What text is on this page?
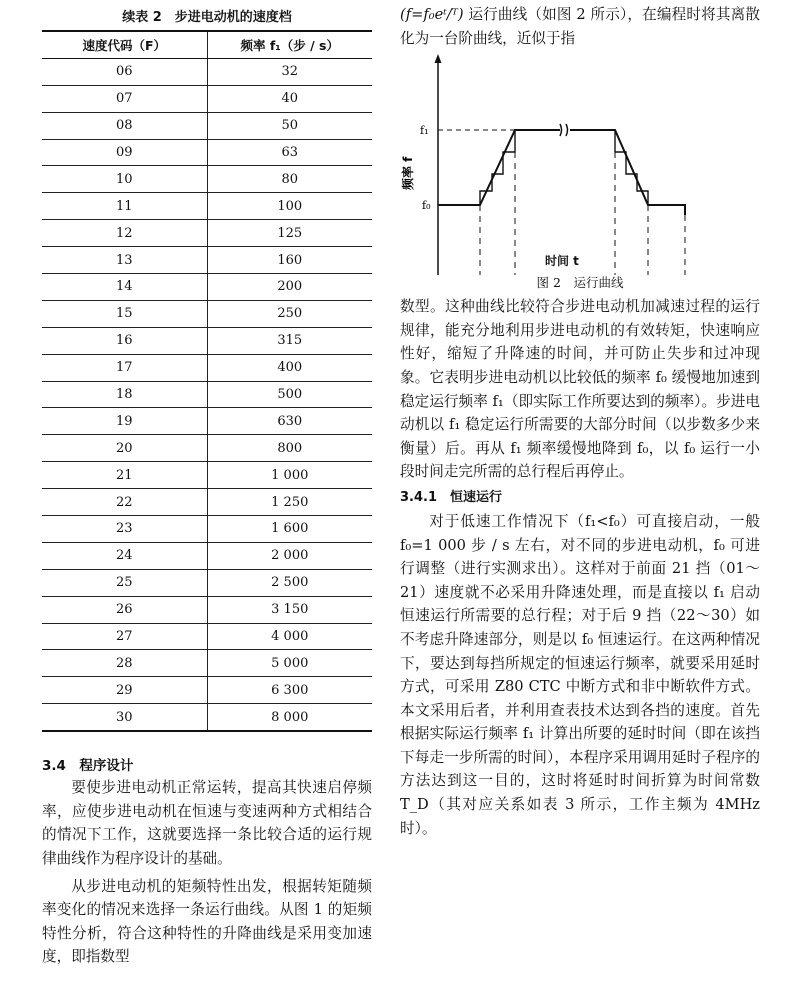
续表 2　步进电动机的速度档
速度代码（F）	频率 f₁（步 / s）
06	32
07	40
08	50
09	63
10	80
11	100
12	125
13	160
14	200
15	250
16	315
17	400
18	500
19	630
20	800
21	1 000
22	1 250
23	1 600
24	2 000
25	2 500
26	3 150
27	4 000
28	5 000
29	6 300
30	8 000
3.4　程序设计

要使步进电动机正常运转，提高其快速启停频率，应使步进电动机在恒速与变速两种方式相结合的情况下工作，这就要选择一条比较合适的运行规律曲线作为程序设计的基础。

从步进电动机的矩频特性出发，根据转矩随频率变化的情况来选择一条运行曲线。从图 1 的矩频特性分析，符合这种特性的升降曲线是采用变加速度，即指数型

(f=f₀eᵗ/ᵀ) 运行曲线（如图 2 所示），在编程时将其离散化为一台阶曲线，近似于指

f₁
f₀
频率 f
时间 t
图 2　运行曲线

数型。这种曲线比较符合步进电动机加减速过程的运行规律，能充分地利用步进电动机的有效转矩，快速响应性好，缩短了升降速的时间，并可防止失步和过冲现象。它表明步进电动机以比较低的频率 f₀ 缓慢地加速到稳定运行频率 f₁（即实际工作所要达到的频率）。步进电动机以 f₁ 稳定运行所需要的大部分时间（以步数多少来衡量）后。再从 f₁ 频率缓慢地降到 f₀，以 f₀ 运行一小段时间走完所需的总行程后再停止。

3.4.1　恒速运行

对于低速工作情况下（f₁<f₀）可直接启动，一般 f₀=1 000 步 / s 左右，对不同的步进电动机，f₀ 可进行调整（进行实测求出）。这样对于前面 21 挡（01～21）速度就不必采用升降速处理，而是直接以 f₁ 启动恒速运行所需要的总行程；对于后 9 挡（22～30）如不考虑升降速部分，则是以 f₀ 恒速运行。在这两种情况下，要达到每挡所规定的恒速运行频率，就要采用延时方式，可采用 Z80 CTC 中断方式和非中断软件方式。本文采用后者，并利用查表技术达到各挡的速度。首先根据实际运行频率 f₁ 计算出所要的延时时间（即在该挡下每走一步所需的时间），本程序采用调用延时子程序的方法达到这一目的，这时将延时时间折算为时间常数 T_D（其对应关系如表 3 所示，工作主频为 4MHz 时）。
